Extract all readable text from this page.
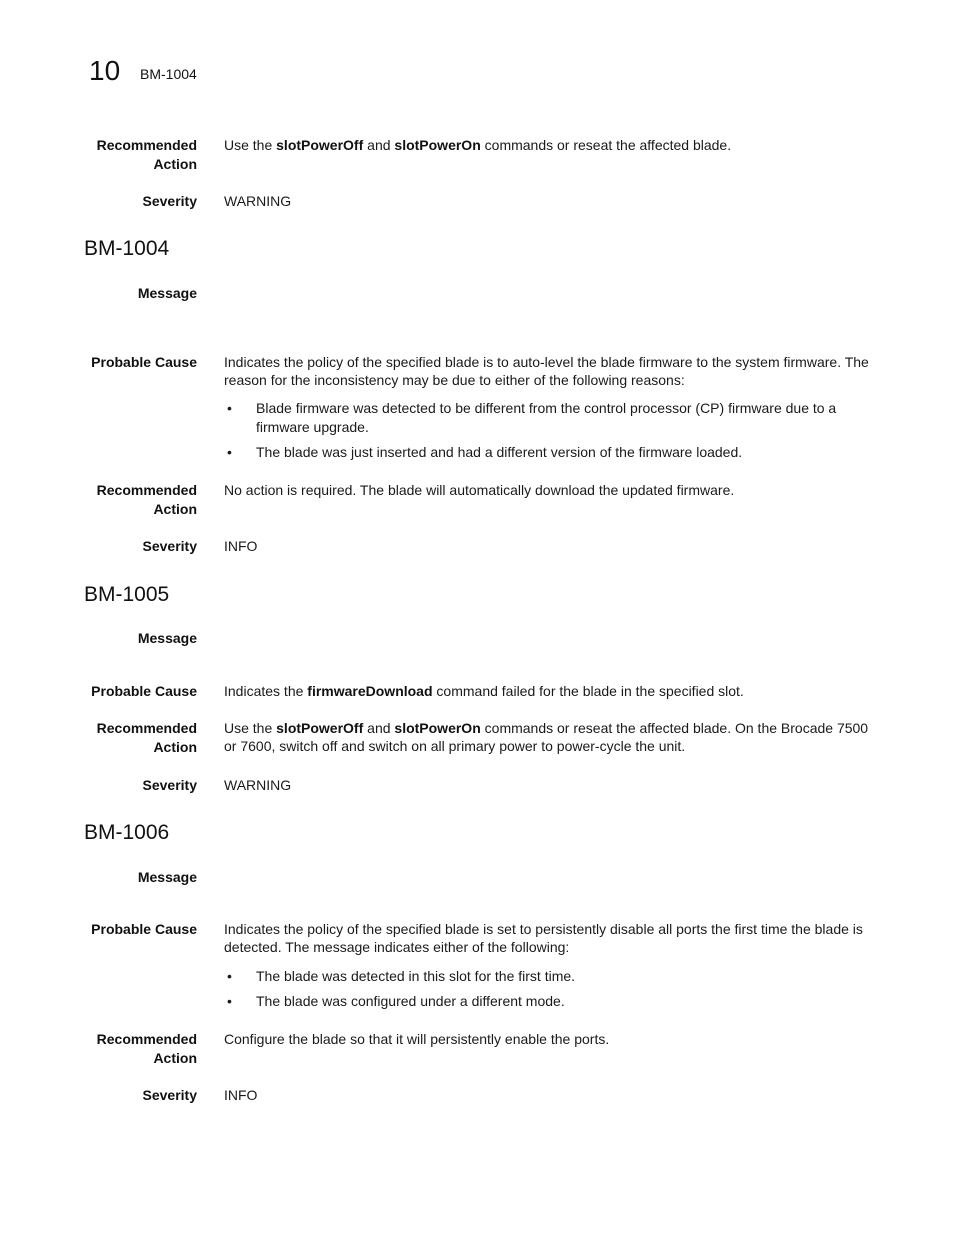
10 BM-1004
Recommended
Action
Use the slotPowerOff and slotPowerOn commands or reseat the affected blade.
Severity WARNING
BM-1004
Message
Probable Cause Indicates the policy of the specified blade is to auto-level the blade firmware to the system firmware. The reason for the inconsistency may be due to either of the following reasons:
• Blade firmware was detected to be different from the control processor (CP) firmware due to a firmware upgrade.
• The blade was just inserted and had a different version of the firmware loaded.
Recommended
Action
No action is required. The blade will automatically download the updated firmware.
Severity INFO
BM-1005
Message
Probable Cause Indicates the firmwareDownload command failed for the blade in the specified slot.
Recommended
Action
Use the slotPowerOff and slotPowerOn commands or reseat the affected blade. On the Brocade 7500 or 7600, switch off and switch on all primary power to power-cycle the unit.
Severity WARNING
BM-1006
Message
Probable Cause Indicates the policy of the specified blade is set to persistently disable all ports the first time the blade is detected. The message indicates either of the following:
• The blade was detected in this slot for the first time.
• The blade was configured under a different mode.
Recommended
Action
Configure the blade so that it will persistently enable the ports.
Severity INFO
